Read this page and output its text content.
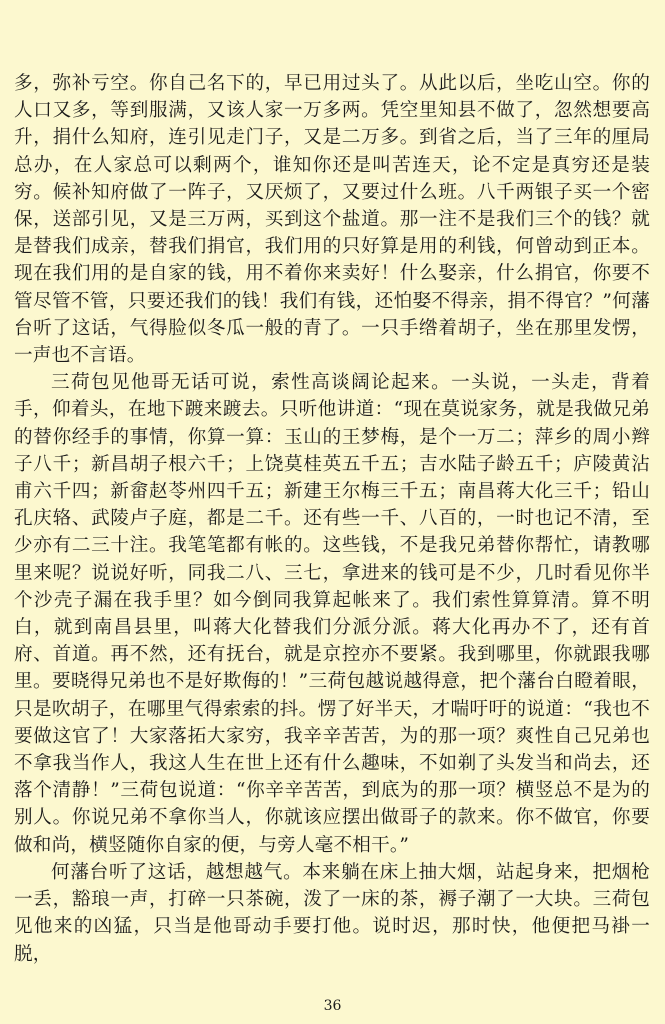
多，弥补亏空。你自己名下的，早已用过头了。从此以后，坐吃山空。你的人口又多，等到服满，又该人家一万多两。凭空里知县不做了，忽然想要高升，捐什么知府，连引见走门子，又是二万多。到省之后，当了三年的厘局总办，在人家总可以剩两个，谁知你还是叫苦连天，论不定是真穷还是装穷。候补知府做了一阵子，又厌烦了，又要过什么班。八千两银子买一个密保，送部引见，又是三万两，买到这个盐道。那一注不是我们三个的钱？就是替我们成亲，替我们捐官，我们用的只好算是用的利钱，何曾动到正本。现在我们用的是自家的钱，用不着你来卖好！什么娶亲，什么捐官，你要不管尽管不管，只要还我们的钱！我们有钱，还怕娶不得亲，捐不得官？”何藩台听了这话，气得脸似冬瓜一般的青了。一只手绺着胡子，坐在那里发愣，一声也不言语。

三荷包见他哥无话可说，索性高谈阔论起来。一头说，一头走，背着手，仰着头，在地下踱来踱去。只听他讲道：“现在莫说家务，就是我做兄弟的替你经手的事情，你算一算：玉山的王梦梅，是个一万二；萍乡的周小辫子八千；新昌胡子根六千；上饶莫桂英五千五；吉水陆子龄五千；庐陵黄沾甫六千四；新畲赵苓州四千五；新建王尔梅三千五；南昌蒋大化三千；铅山孔庆辂、武陵卢子庭，都是二千。还有些一千、八百的，一时也记不清，至少亦有二三十注。我笔笔都有帐的。这些钱，不是我兄弟替你帮忙，请教哪里来呢？说说好听，同我二八、三七，拿进来的钱可是不少，几时看见你半个沙壳子漏在我手里？如今倒同我算起帐来了。我们索性算算清。算不明白，就到南昌县里，叫蒋大化替我们分派分派。蒋大化再办不了，还有首府、首道。再不然，还有抚台，就是京控亦不要紧。我到哪里，你就跟我哪里。要晓得兄弟也不是好欺侮的！”三荷包越说越得意，把个藩台白瞪着眼，只是吹胡子，在哪里气得索索的抖。愣了好半天，才喘吁吁的说道：“我也不要做这官了！大家落拓大家穷，我辛辛苦苦，为的那一项？爽性自己兄弟也不拿我当作人，我这人生在世上还有什么趣味，不如剃了头发当和尚去，还落个清静！”三荷包说道：“你辛辛苦苦，到底为的那一项？横竖总不是为的别人。你说兄弟不拿你当人，你就该应摆出做哥子的款来。你不做官，你要做和尚，横竖随你自家的便，与旁人毫不相干。”

何藩台听了这话，越想越气。本来躺在床上抽大烟，站起身来，把烟枪一丢，豁琅一声，打碎一只茶碗，泼了一床的茶，褥子潮了一大块。三荷包见他来的凶猛，只当是他哥动手要打他。说时迟，那时快，他便把马褂一脱，

36
